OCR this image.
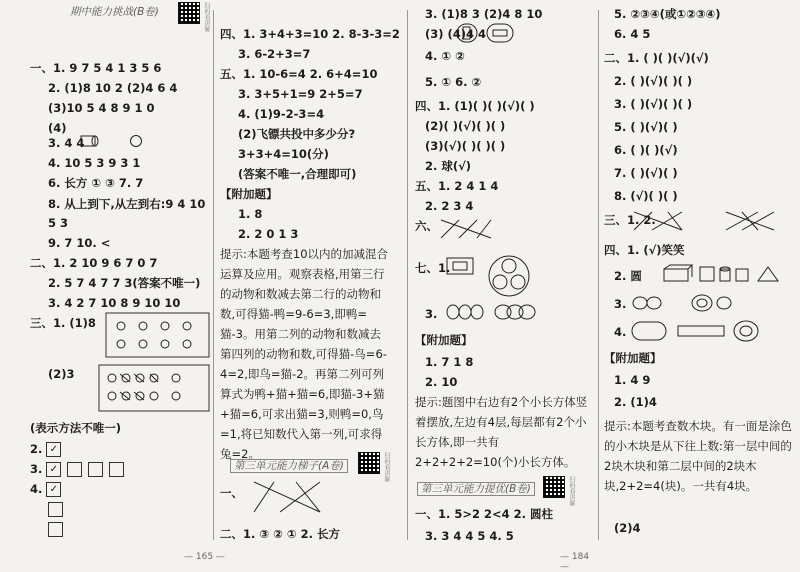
期中能力挑战(B卷)	扫码看讲解
一、1. 9 7 5 4 1 3 5 6
2. (1)8 10 2 (2)4 6 4
(3)10 5 4 8 9 1 0
(4)
3. 4 4
4. 10 5 3 9 3 1
6. 长方 ① ③ 7. 7
8. 从上到下,从左到右:9 4 10
5 3
9. 7 10. <
二、1. 2 10 9 6 7 0 7
2. 5 7 4 7 7 3(答案不唯一)
3. 4 2 7 10 8 9 10 10
三、1. (1)8
(2)3
(表示方法不唯一)
2. ✓
3. ✓
4. ✓
四、1. 3+4+3=10 2. 8-3-3=2
3. 6-2+3=7
五、1. 10-6=4 2. 6+4=10
3. 3+5+1=9 2+5=7
4. (1)9-2-3=4
(2)飞镖共投中多少分?
3+3+4=10(分)
(答案不唯一,合理即可)
【附加题】
1. 8
2. 2 0 1 3
提示:本题考查10以内的加减混合运算及应用。观察表格,用第三行的动物和数减去第二行的动物和数,可得猫-鸭=9-6=3,即鸭=猫-3。用第二列的动物和数减去第四列的动物和数,可得猫-鸟=6-4=2,即鸟=猫-2。再第二列可列算式为鸭+猫+猫=6,即猫-3+猫+猫=6,可求出猫=3,则鸭=0,鸟=1,将已知数代入第一列,可求得兔=2。
第三单元能力梯子(A卷)	扫码看讲解
一、
二、1. ③ ② ① 2. 长方
— 165 —
3. (1)8 3 (2)4 8 10
(3) (4)4 4
4. ① ②
5. ① 6. ②
四、1. (1)( )( )(√)( )
(2)( )(√)( )( )
(3)(√)( )( )( )
2. 球(√)
五、1. 2 4 1 4
2. 2 3 4
六、
七、1.
3.
【附加题】
1. 7 1 8
2. 10
提示:题图中右边有2个小长方体竖着摆放,左边有4层,每层都有2个小长方体,即一共有2+2+2+2=10(个)小长方体。
第三单元能力提优(B卷)	扫码看讲解
一、1. 5>2 2<4 2. 圆柱
3. 3 4 4 5 4. 5
— 184 —
5. ②③④(或①②③④)
6. 4 5
二、1. ( )( )(√)(√)
2. ( )(√)( )( )
3. ( )(√)( )( )
5. ( )(√)( )
6. ( )( )(√)
7. ( )(√)( )
8. (√)( )( )
三、1. 2.
四、1. (√)笑笑
2. 圆
3.
4.
【附加题】
1. 4 9
2. (1)4
提示:本题考查数木块。有一面是涂色的小木块是从下往上数:第一层中间的2块木块和第二层中间的2块木块,2+2=4(块)。一共有4块。
(2)4
